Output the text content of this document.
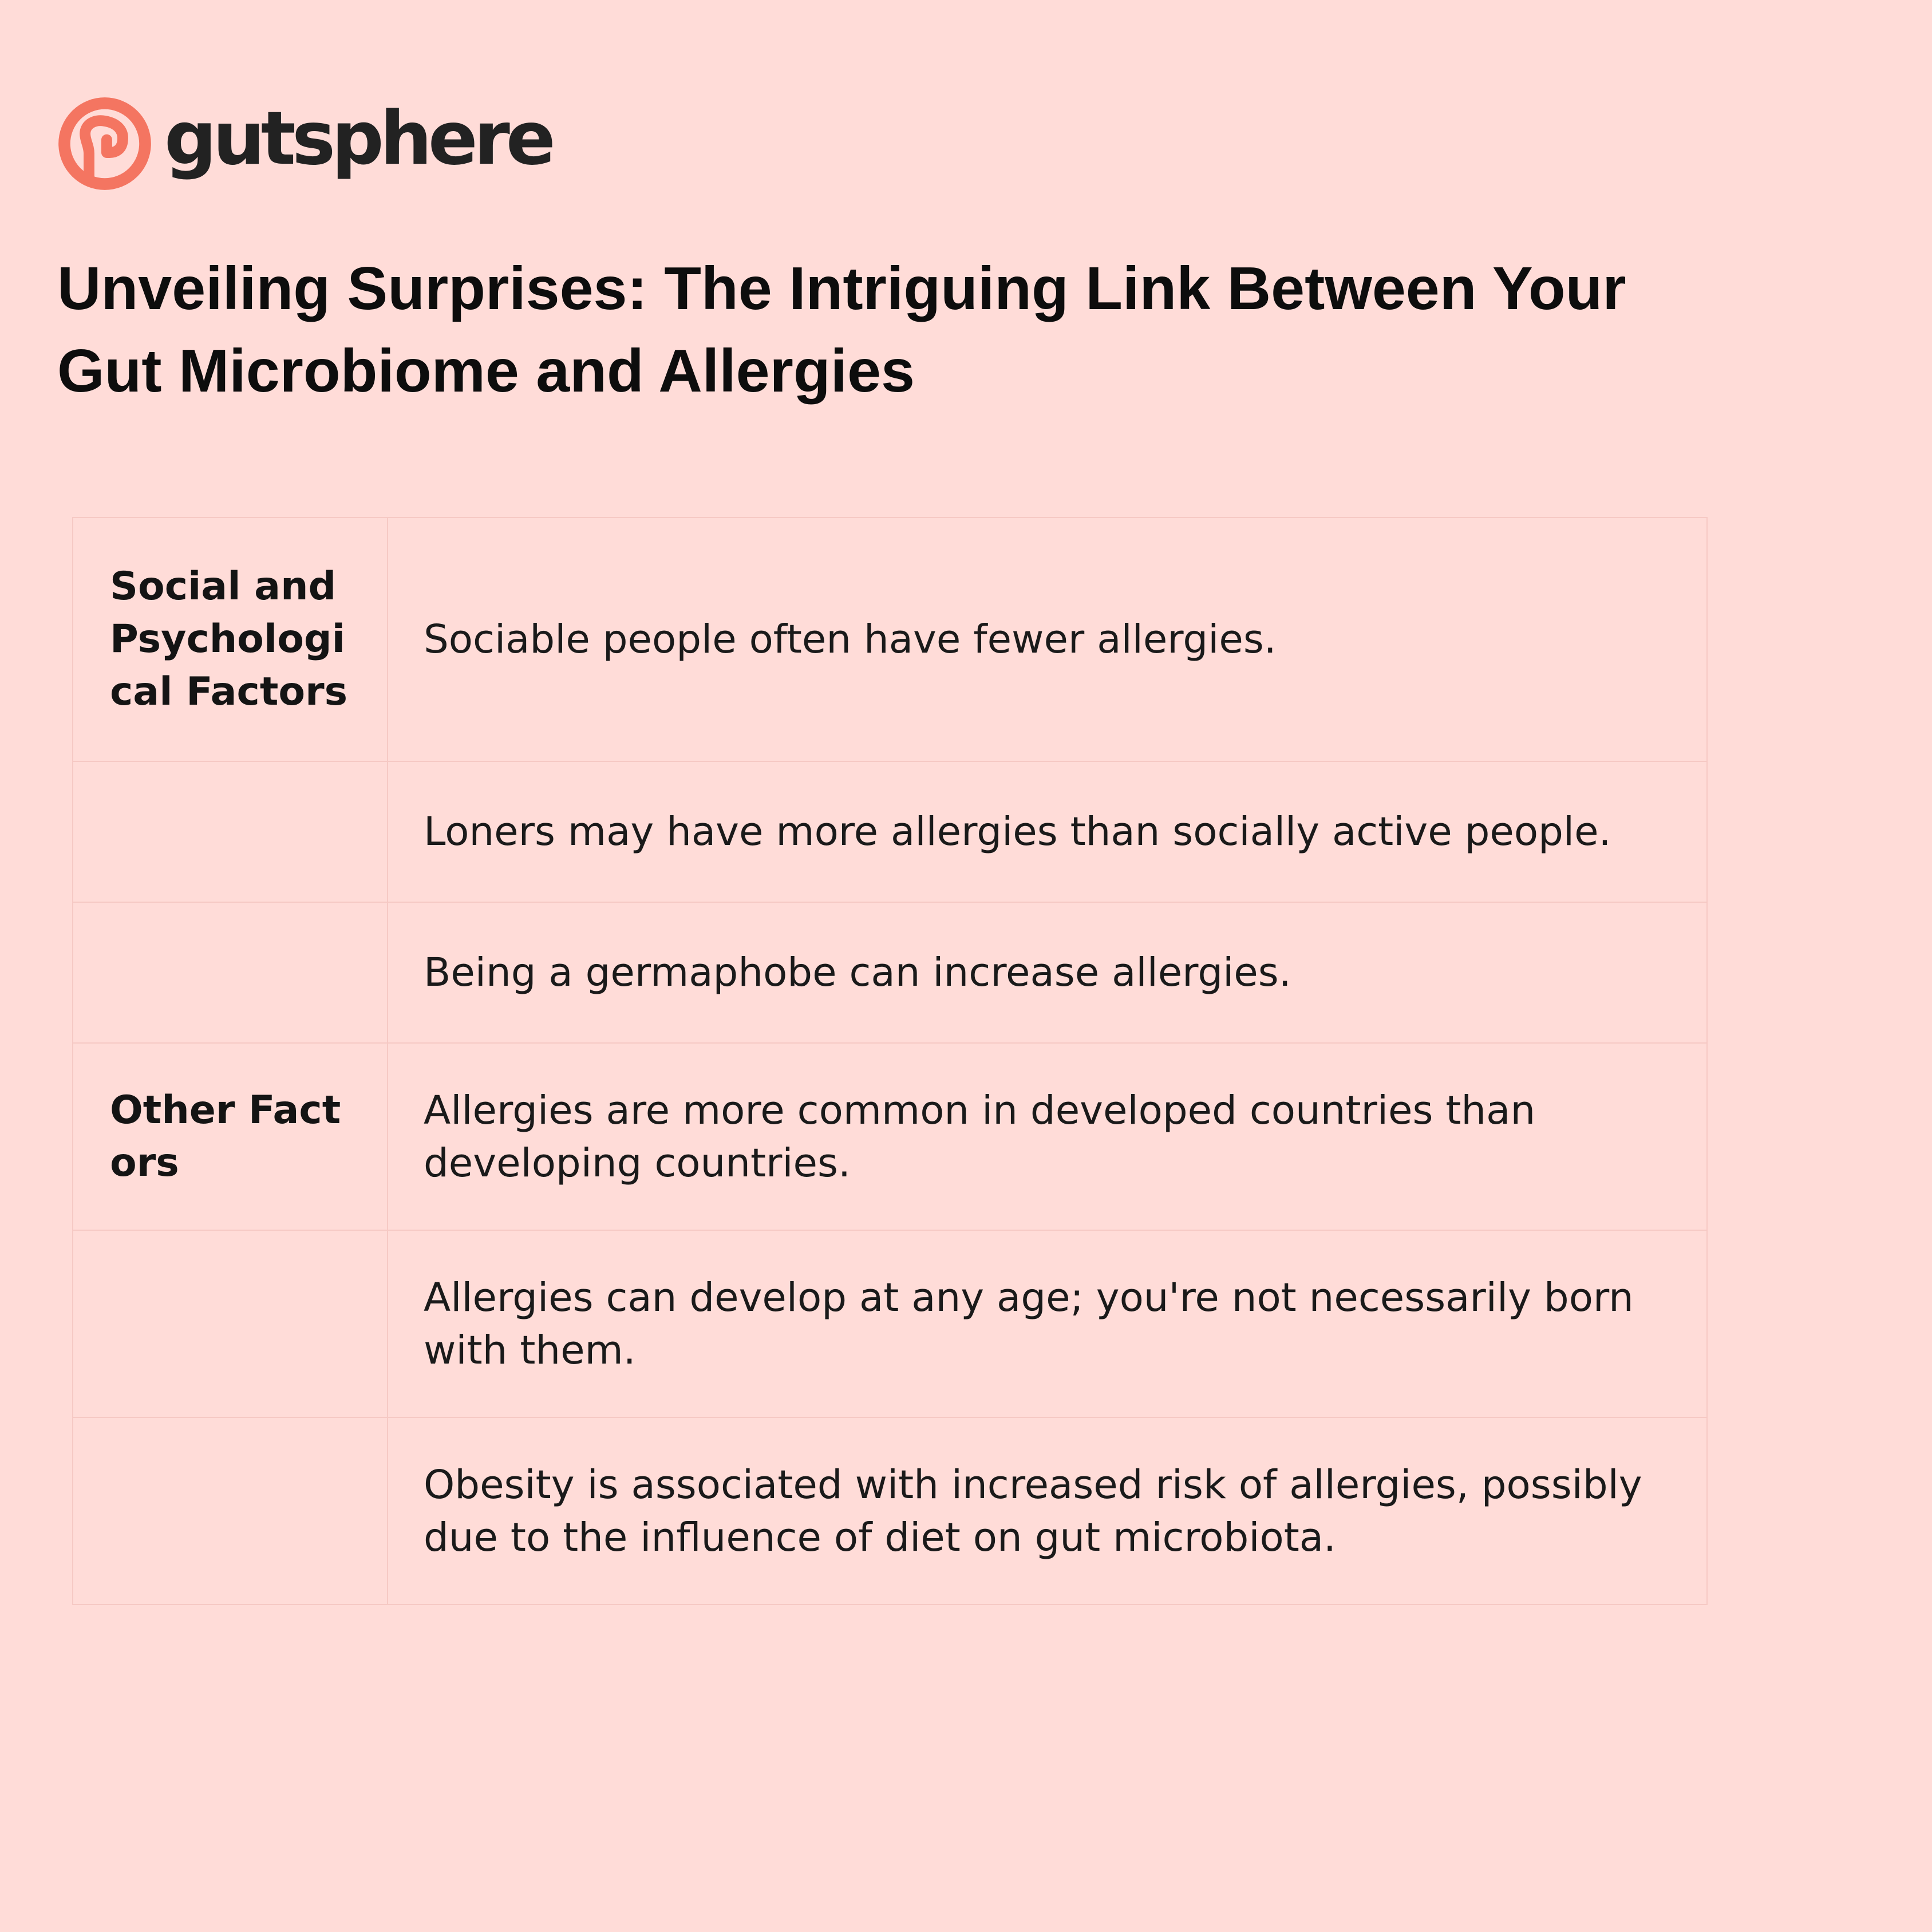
gutsphere
Unveiling Surprises: The Intriguing Link Between Your Gut Microbiome and Allergies
Social and Psychological Factors	Sociable people often have fewer allergies.

	Loners may have more allergies than socially active people.

	Being a germaphobe can increase allergies.

Other Factors	Allergies are more common in developed countries than developing countries.

	Allergies can develop at any age; you're not necessarily born with them.

	Obesity is associated with increased risk of allergies, possibly due to the influence of diet on gut microbiota.
